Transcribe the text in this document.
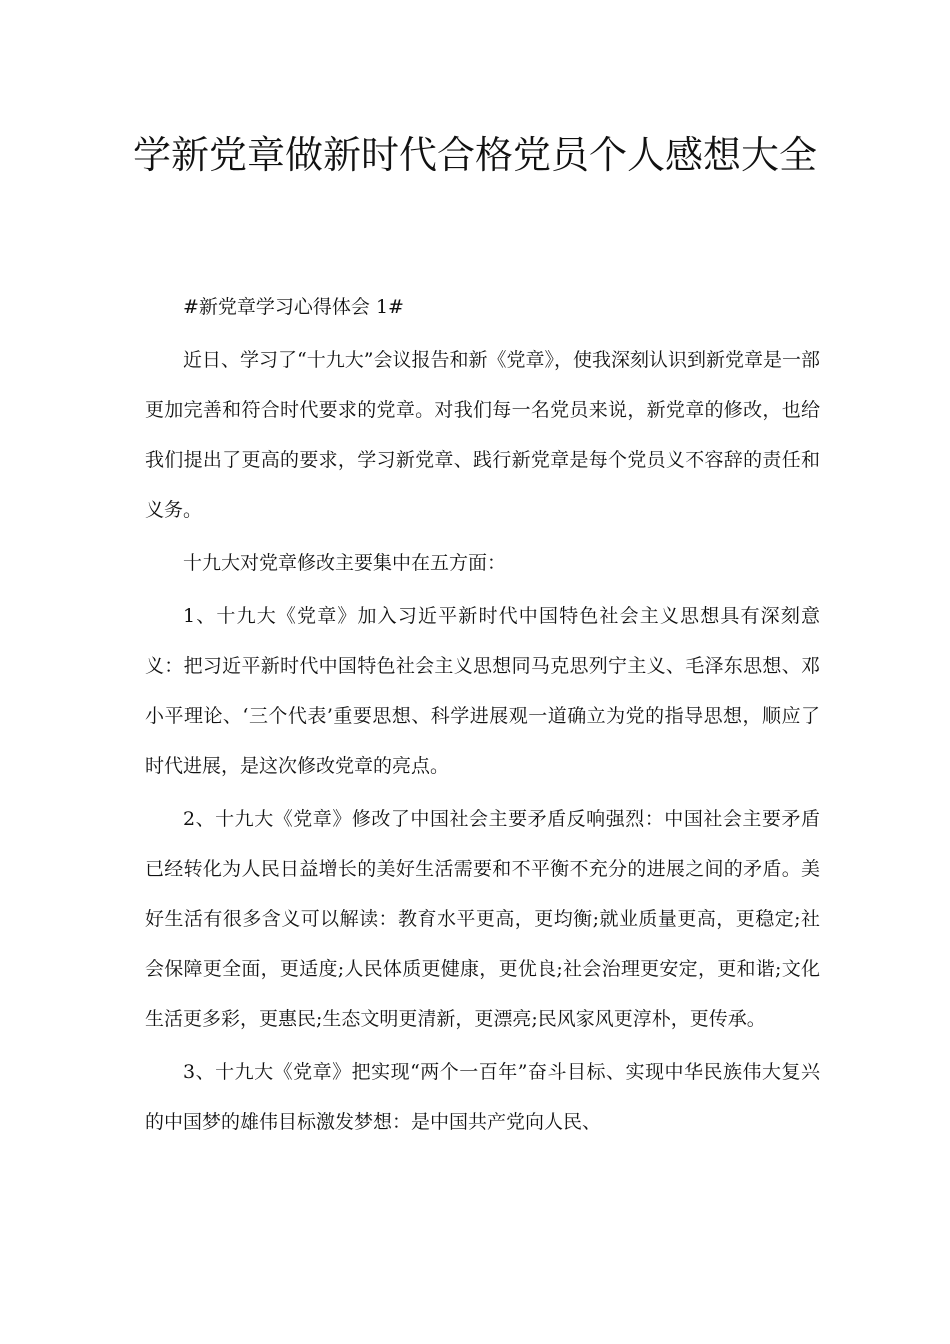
学新党章做新时代合格党员个人感想大全

#新党章学习心得体会 1#

近日、学习了“十九大”会议报告和新《党章》，使我深刻认识到新党章是一部更加完善和符合时代要求的党章。对我们每一名党员来说，新党章的修改，也给我们提出了更高的要求，学习新党章、践行新党章是每个党员义不容辞的责任和义务。

十九大对党章修改主要集中在五方面：

1、十九大《党章》加入习近平新时代中国特色社会主义思想具有深刻意义：把习近平新时代中国特色社会主义思想同马克思列宁主义、毛泽东思想、邓小平理论、‘三个代表’重要思想、科学进展观一道确立为党的指导思想，顺应了时代进展，是这次修改党章的亮点。

2、十九大《党章》修改了中国社会主要矛盾反响强烈：中国社会主要矛盾已经转化为人民日益增长的美好生活需要和不平衡不充分的进展之间的矛盾。美好生活有很多含义可以解读：教育水平更高，更均衡;就业质量更高，更稳定;社会保障更全面，更适度;人民体质更健康，更优良;社会治理更安定，更和谐;文化生活更多彩，更惠民;生态文明更清新，更漂亮;民风家风更淳朴，更传承。

3、十九大《党章》把实现“两个一百年”奋斗目标、实现中华民族伟大复兴的中国梦的雄伟目标激发梦想：是中国共产党向人民、
